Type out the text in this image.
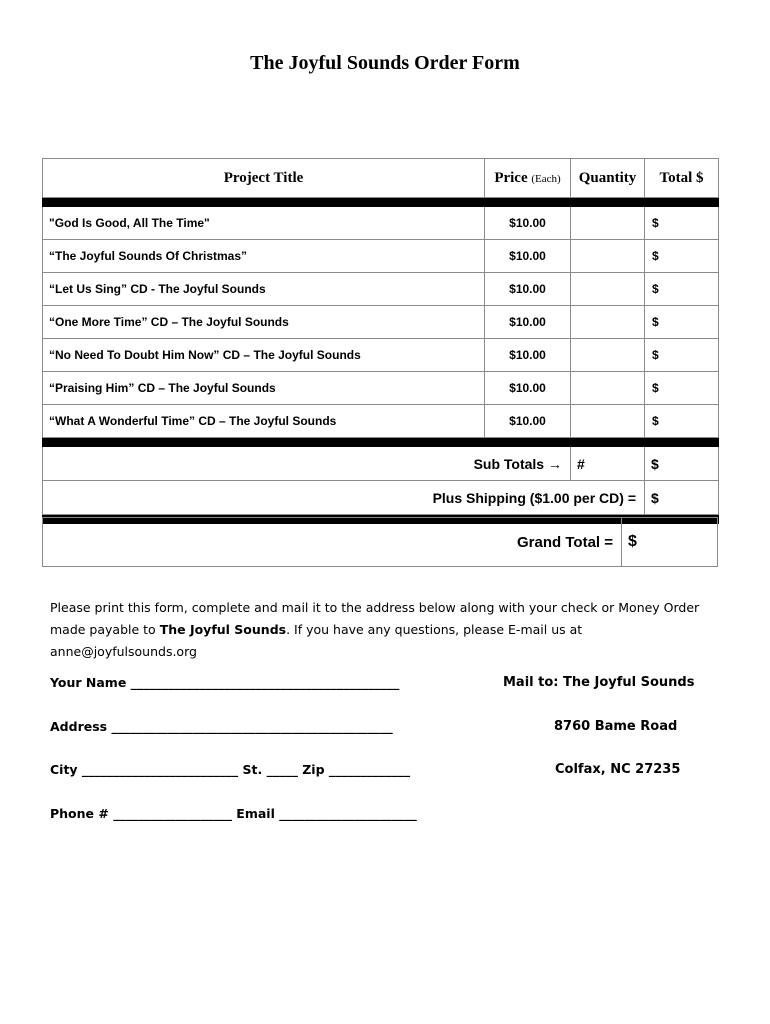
The Joyful Sounds Order Form
Project Title	Price (Each)	Quantity	Total $

"God Is Good, All The Time"	$10.00		$
“The Joyful Sounds Of Christmas”	$10.00		$
“Let Us Sing” CD - The Joyful Sounds	$10.00		$
“One More Time” CD – The Joyful Sounds	$10.00		$
“No Need To Doubt Him Now” CD – The Joyful Sounds	$10.00		$
“Praising Him” CD – The Joyful Sounds	$10.00		$
“What A Wonderful Time” CD – The Joyful Sounds	$10.00		$

Sub Totals →		#	$
Plus Shipping ($1.00 per CD) =			$

Grand Total = $
Please print this form, complete and mail it to the address below along with your check or Money Order
made payable to The Joyful Sounds. If you have any questions, please E-mail us at anne@joyfulsounds.org
Your Name ___________________________________________
Address _____________________________________________
City _________________________ St. _____ Zip _____________
Phone # ___________________ Email ______________________
Mail to: The Joyful Sounds
8760 Bame Road
Colfax, NC 27235
